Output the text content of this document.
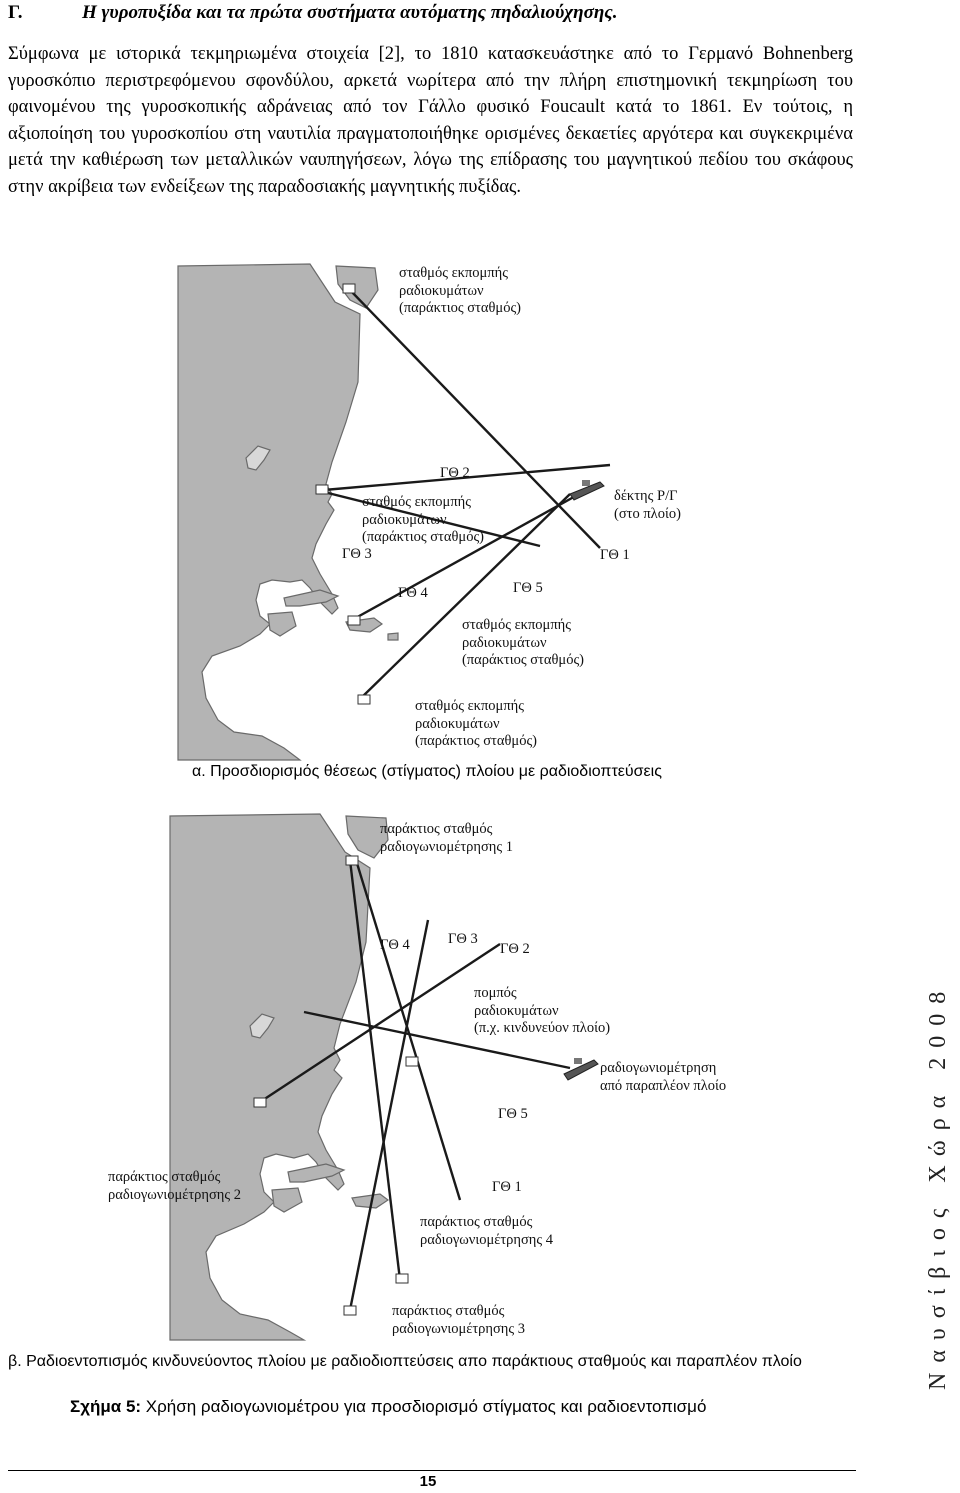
Γ.	Η γυροπυξίδα και τα πρώτα συστήματα αυτόματης πηδαλιούχησης.
Σύμφωνα με ιστορικά τεκμηριωμένα στοιχεία [2], το 1810 κατασκευάστηκε από το Γερμανό Bohnenberg γυροσκόπιο περιστρεφόμενου σφονδύλου, αρκετά νωρίτερα από την πλήρη επιστημονική τεκμηρίωση του φαινομένου της γυροσκοπικής αδράνειας από τον Γάλλο φυσικό Foucault κατά το 1861. Εν τούτοις, η αξιοποίηση του γυροσκοπίου στη ναυτιλία πραγματοποιήθηκε ορισμένες δεκαετίες αργότερα και συγκεκριμένα μετά την καθιέρωση των μεταλλικών ναυπηγήσεων, λόγω της επίδρασης του μαγνητικού πεδίου του σκάφους στην ακρίβεια των ενδείξεων της παραδοσιακής μαγνητικής πυξίδας.
σταθμός εκπομπής
ραδιοκυμάτων
(παράκτιος σταθμός)
σταθμός εκπομπής
ραδιοκυμάτων
(παράκτιος σταθμός)
σταθμός εκπομπής
ραδιοκυμάτων
(παράκτιος σταθμός)
σταθμός εκπομπής
ραδιοκυμάτων
(παράκτιος σταθμός)
δέκτης Ρ/Γ
(στο πλοίο)
ΓΘ 1
ΓΘ 2
ΓΘ 3
ΓΘ 4	ΓΘ 5
α. Προσδιορισμός θέσεως (στίγματος) πλοίου με ραδιοδιοπτεύσεις
παράκτιος σταθμός
ραδιογωνιομέτρησης 1
παράκτιος σταθμός
ραδιογωνιομέτρησης 2
παράκτιος σταθμός
ραδιογωνιομέτρησης 4
παράκτιος σταθμός
ραδιογωνιομέτρησης 3
πομπός
ραδιοκυμάτων
(π.χ. κινδυνεύον πλοίο)
ραδιογωνιομέτρηση
από παραπλέον πλοίο
ΓΘ 1
ΓΘ 2
ΓΘ 3
ΓΘ 4
ΓΘ 5
β. Ραδιοεντοπισμός κινδυνεύοντος πλοίου με ραδιοδιοπτεύσεις απο παράκτιους σταθμούς και παραπλέον πλοίο
Σχήμα 5: Χρήση ραδιογωνιομέτρου για προσδιορισμό στίγματος και ραδιοεντοπισμό
15
Ναυσίβιος Χώρα 2008
